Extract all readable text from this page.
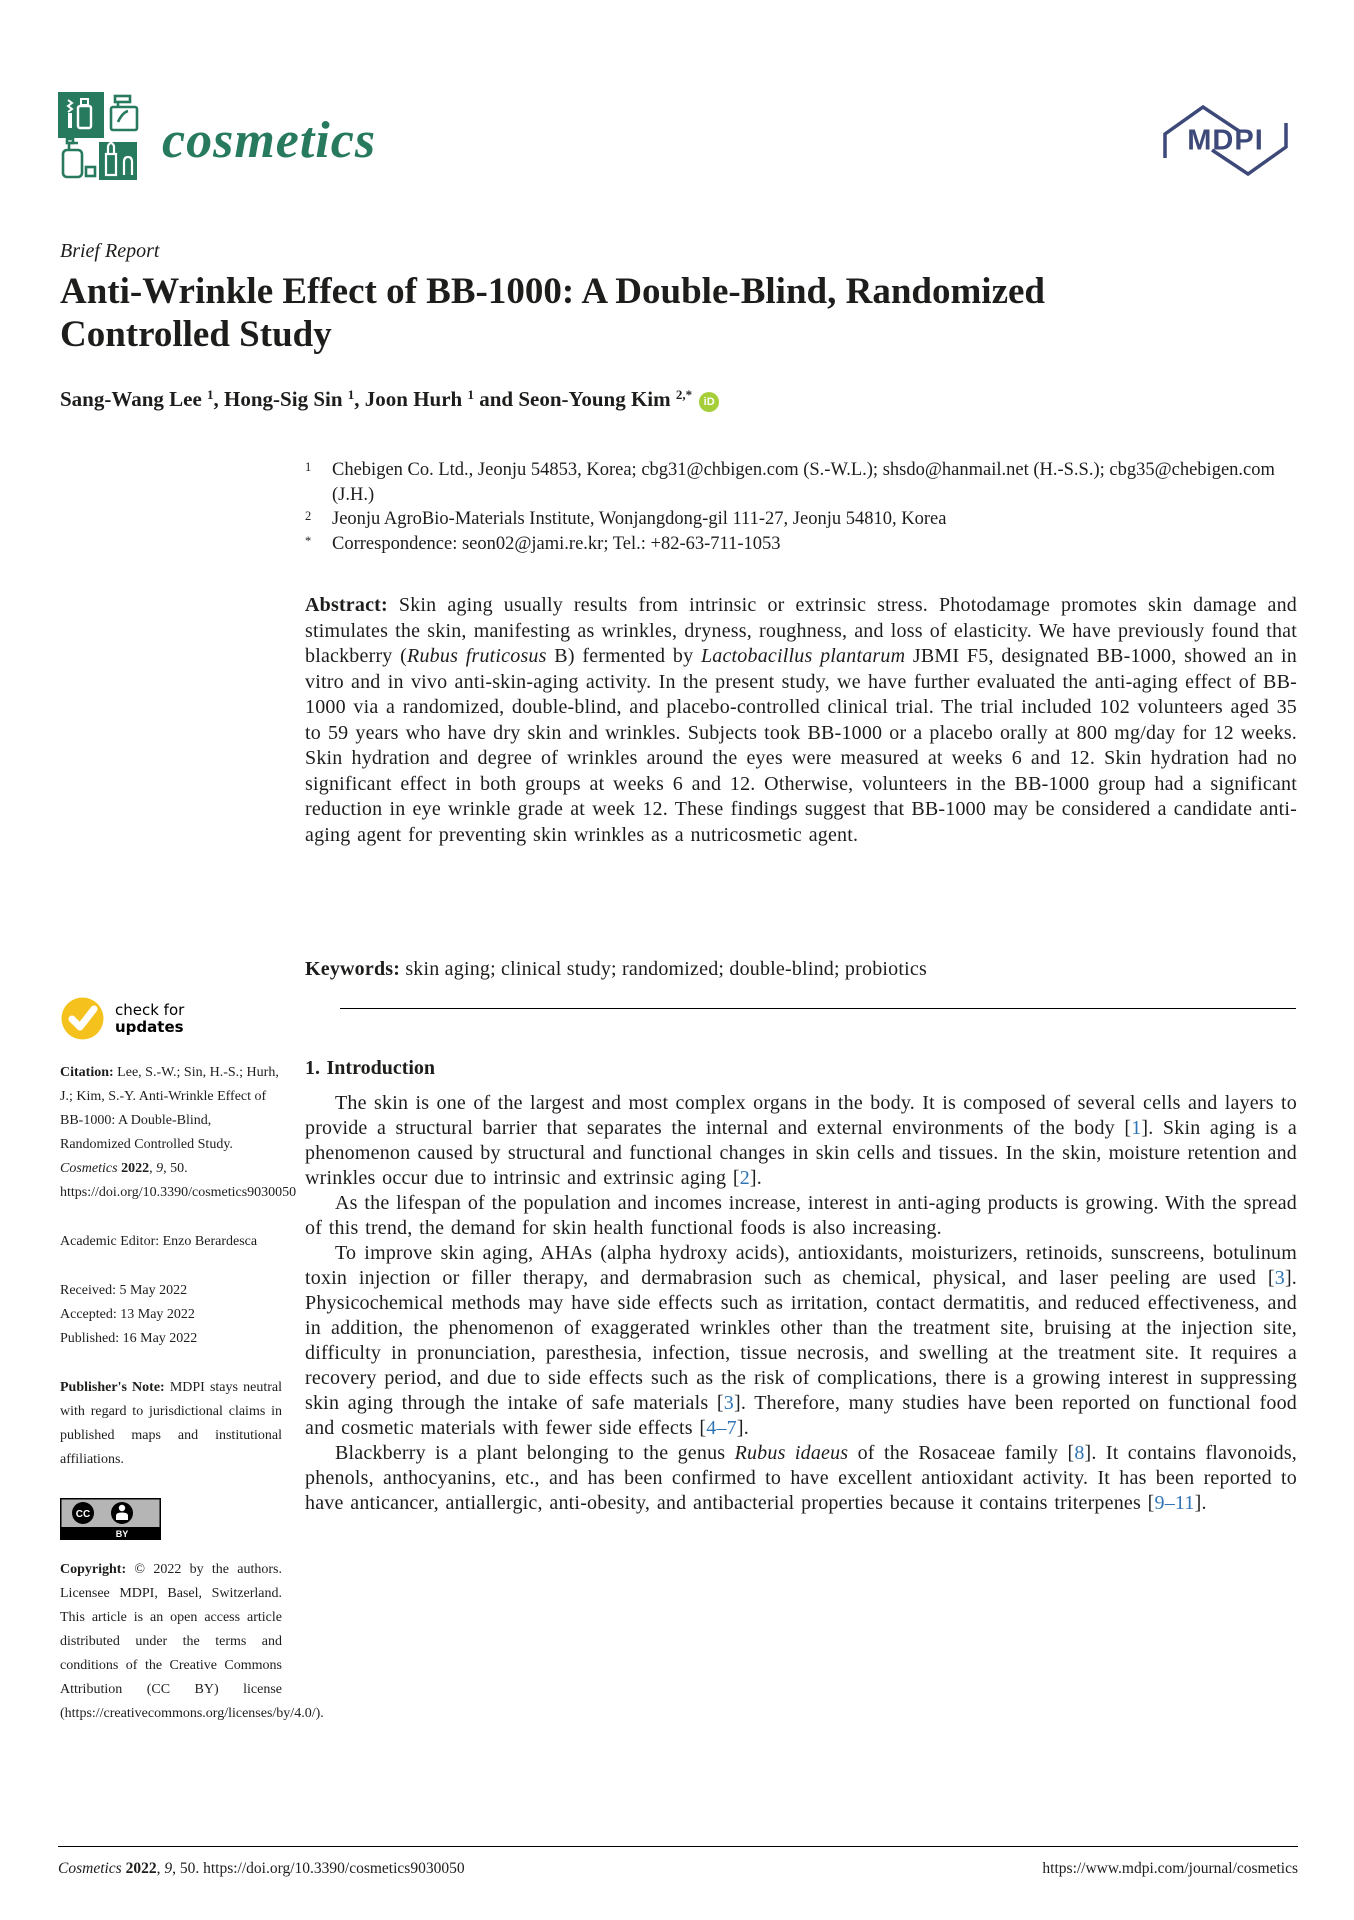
cosmetics	MDPI
Brief Report
Anti-Wrinkle Effect of BB-1000: A Double-Blind, Randomized Controlled Study
Sang-Wang Lee $^1$, Hong-Sig Sin $^1$, Joon Hurh $^1$ and Seon-Young Kim $^{2,*}$iD
1	Chebigen Co. Ltd., Jeonju 54853, Korea; cbg31@chbigen.com (S.-W.L.); shsdo@hanmail.net (H.-S.S.); cbg35@chebigen.com (J.H.)
2	Jeonju AgroBio-Materials Institute, Wonjangdong-gil 111-27, Jeonju 54810, Korea
*	Correspondence: seon02@jami.re.kr; Tel.: +82-63-711-1053
Abstract: Skin aging usually results from intrinsic or extrinsic stress. Photodamage promotes skin damage and stimulates the skin, manifesting as wrinkles, dryness, roughness, and loss of elasticity. We have previously found that blackberry (Rubus fruticosus B) fermented by Lactobacillus plantarum JBMI F5, designated BB-1000, showed an in vitro and in vivo anti-skin-aging activity. In the present study, we have further evaluated the anti-aging effect of BB-1000 via a randomized, double-blind, and placebo-controlled clinical trial. The trial included 102 volunteers aged 35 to 59 years who have dry skin and wrinkles. Subjects took BB-1000 or a placebo orally at 800 mg/day for 12 weeks. Skin hydration and degree of wrinkles around the eyes were measured at weeks 6 and 12. Skin hydration had no significant effect in both groups at weeks 6 and 12. Otherwise, volunteers in the BB-1000 group had a significant reduction in eye wrinkle grade at week 12. These findings suggest that BB-1000 may be considered a candidate anti-aging agent for preventing skin wrinkles as a nutricosmetic agent.
Keywords: skin aging; clinical study; randomized; double-blind; probiotics
check for
updates
Citation: Lee, S.-W.; Sin, H.-S.; Hurh, J.; Kim, S.-Y. Anti-Wrinkle Effect of BB-1000: A Double-Blind, Randomized Controlled Study. Cosmetics 2022, 9, 50. https://doi.org/10.3390/cosmetics9030050
Academic Editor: Enzo Berardesca
Received: 5 May 2022
Accepted: 13 May 2022
Published: 16 May 2022
Publisher's Note: MDPI stays neutral with regard to jurisdictional claims in published maps and institutional affiliations.
CC
BY
Copyright: © 2022 by the authors. Licensee MDPI, Basel, Switzerland. This article is an open access article distributed under the terms and conditions of the Creative Commons Attribution (CC BY) license (https://creativecommons.org/licenses/by/4.0/).
1. Introduction

The skin is one of the largest and most complex organs in the body. It is composed of several cells and layers to provide a structural barrier that separates the internal and external environments of the body [1]. Skin aging is a phenomenon caused by structural and functional changes in skin cells and tissues. In the skin, moisture retention and wrinkles occur due to intrinsic and extrinsic aging [2].

As the lifespan of the population and incomes increase, interest in anti-aging products is growing. With the spread of this trend, the demand for skin health functional foods is also increasing.

To improve skin aging, AHAs (alpha hydroxy acids), antioxidants, moisturizers, retinoids, sunscreens, botulinum toxin injection or filler therapy, and dermabrasion such as chemical, physical, and laser peeling are used [3]. Physicochemical methods may have side effects such as irritation, contact dermatitis, and reduced effectiveness, and in addition, the phenomenon of exaggerated wrinkles other than the treatment site, bruising at the injection site, difficulty in pronunciation, paresthesia, infection, tissue necrosis, and swelling at the treatment site. It requires a recovery period, and due to side effects such as the risk of complications, there is a growing interest in suppressing skin aging through the intake of safe materials [3]. Therefore, many studies have been reported on functional food and cosmetic materials with fewer side effects [4–7].

Blackberry is a plant belonging to the genus Rubus idaeus of the Rosaceae family [8]. It contains flavonoids, phenols, anthocyanins, etc., and has been confirmed to have excellent antioxidant activity. It has been reported to have anticancer, antiallergic, anti-obesity, and antibacterial properties because it contains triterpenes [9–11].

Cosmetics 2022, 9, 50. https://doi.org/10.3390/cosmetics9030050	https://www.mdpi.com/journal/cosmetics
